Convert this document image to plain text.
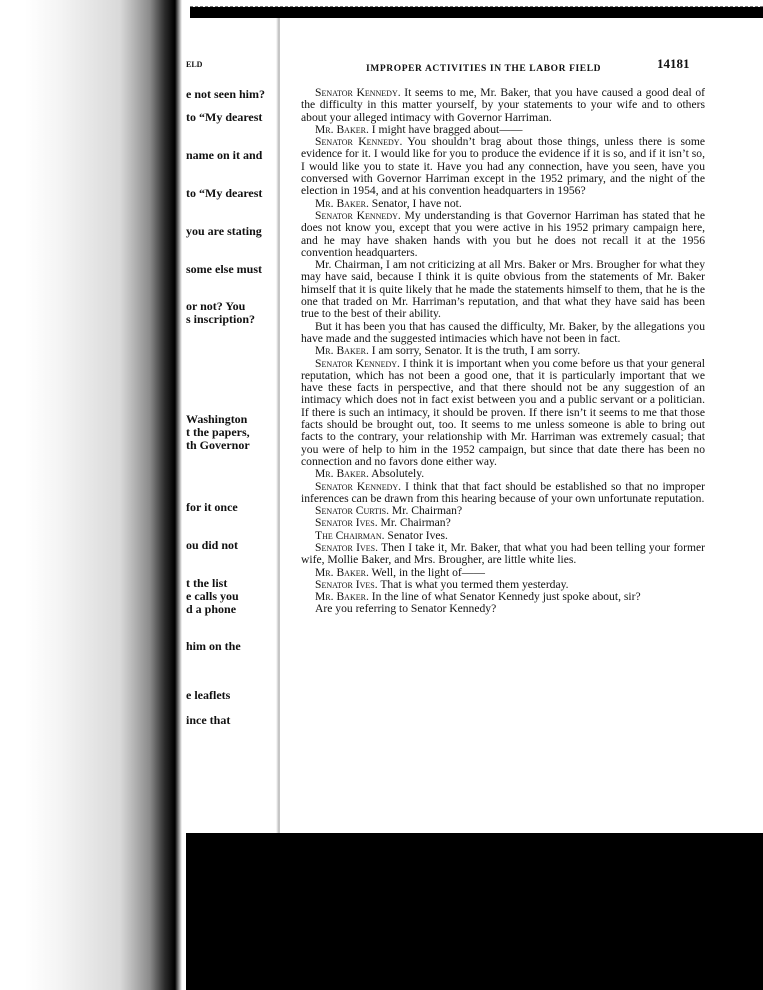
ELD
e not seen him?
to “My dearest
name on it and
to “My dearest
you are stating
some else must
or not? You
s inscription?
Washington
t the papers,
th Governor
for it once
ou did not
t the list
e calls you
d a phone
him on the
e leaflets
ince that
IMPROPER ACTIVITIES IN THE LABOR FIELD	14181

Senator Kennedy. It seems to me, Mr. Baker, that you have caused a good deal of the difficulty in this matter yourself, by your statements to your wife and to others about your alleged intimacy with Governor Harriman.

Mr. Baker. I might have bragged about——

Senator Kennedy. You shouldn’t brag about those things, unless there is some evidence for it. I would like for you to produce the evidence if it is so, and if it isn’t so, I would like you to state it. Have you had any connection, have you seen, have you conversed with Governor Harriman except in the 1952 primary, and the night of the election in 1954, and at his convention headquarters in 1956?

Mr. Baker. Senator, I have not.

Senator Kennedy. My understanding is that Governor Harriman has stated that he does not know you, except that you were active in his 1952 primary campaign here, and he may have shaken hands with you but he does not recall it at the 1956 convention headquarters.

Mr. Chairman, I am not criticizing at all Mrs. Baker or Mrs. Brougher for what they may have said, because I think it is quite obvious from the statements of Mr. Baker himself that it is quite likely that he made the statements himself to them, that he is the one that traded on Mr. Harriman’s reputation, and that what they have said has been true to the best of their ability.

But it has been you that has caused the difficulty, Mr. Baker, by the allegations you have made and the suggested intimacies which have not been in fact.

Mr. Baker. I am sorry, Senator. It is the truth, I am sorry.

Senator Kennedy. I think it is important when you come before us that your general reputation, which has not been a good one, that it is particularly important that we have these facts in perspective, and that there should not be any suggestion of an intimacy which does not in fact exist between you and a public servant or a politician. If there is such an intimacy, it should be proven. If there isn’t it seems to me that those facts should be brought out, too. It seems to me unless someone is able to bring out facts to the contrary, your relationship with Mr. Harriman was extremely casual; that you were of help to him in the 1952 campaign, but since that date there has been no connection and no favors done either way.

Mr. Baker. Absolutely.

Senator Kennedy. I think that that fact should be established so that no improper inferences can be drawn from this hearing because of your own unfortunate reputation.

Senator Curtis. Mr. Chairman?

Senator Ives. Mr. Chairman?

The Chairman. Senator Ives.

Senator Ives. Then I take it, Mr. Baker, that what you had been telling your former wife, Mollie Baker, and Mrs. Brougher, are little white lies.

Mr. Baker. Well, in the light of——

Senator Ives. That is what you termed them yesterday.

Mr. Baker. In the line of what Senator Kennedy just spoke about, sir?

Are you referring to Senator Kennedy?
